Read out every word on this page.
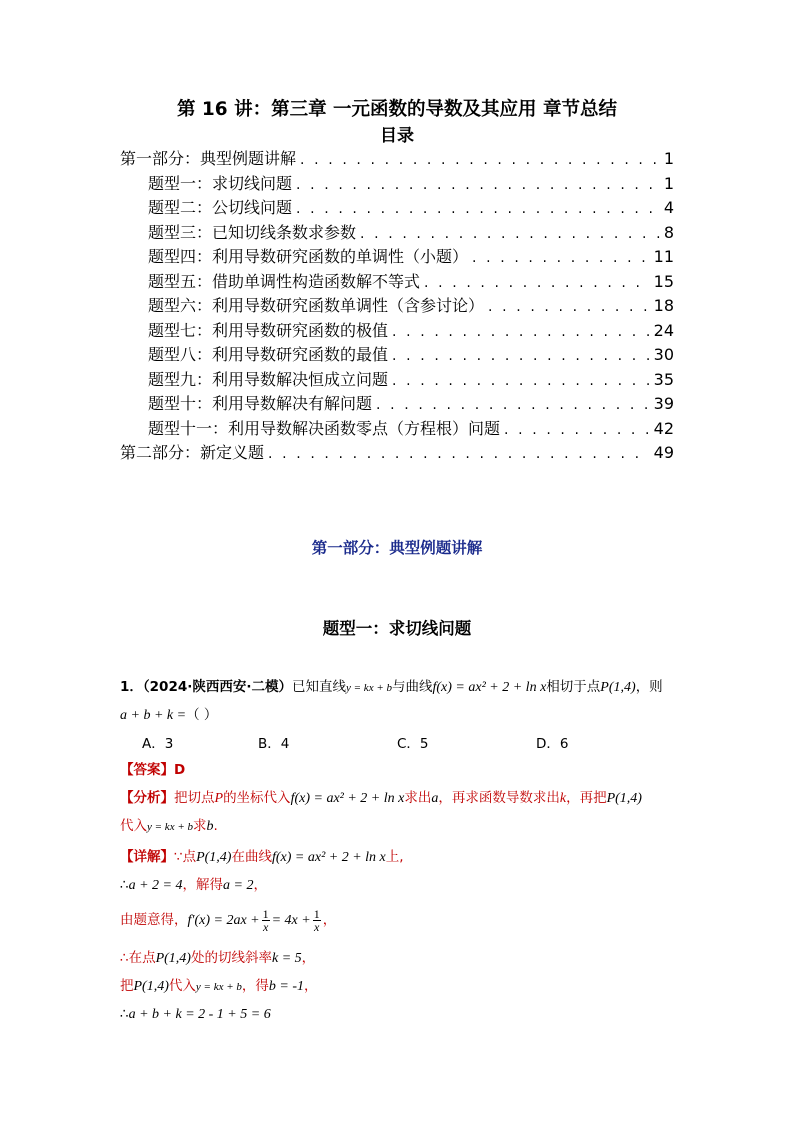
第 16 讲：第三章 一元函数的导数及其应用 章节总结
目录
第一部分：典型例题讲解 . . .	1
题型一：求切线问题 . . .	1
题型二：公切线问题 . . .	4
题型三：已知切线条数求参数 . . .	8
题型四：利用导数研究函数的单调性（小题） . . .	11
题型五：借助单调性构造函数解不等式 . . .	15
题型六：利用导数研究函数单调性（含参讨论） . . .	18
题型七：利用导数研究函数的极值 . . .	24
题型八：利用导数研究函数的最值 . . .	30
题型九：利用导数解决恒成立问题 . . .	35
题型十：利用导数解决有解问题 . . .	39
题型十一：利用导数解决函数零点（方程根）问题 . . .	42
第二部分：新定义题 . . .	49
第一部分：典型例题讲解
题型一：求切线问题
1．（2024·陕西西安·二模）已知直线y = kx + b与曲线f(x) = ax² + 2 + ln x相切于点P(1,4)，则
a + b + k =（ ）
A．3	B．4	C．5	D．6
【答案】D
【分析】把切点P的坐标代入f(x) = ax² + 2 + ln x求出a，再求函数导数求出k，再把P(1,4)
代入y = kx + b求b.
【详解】∵点P(1,4)在曲线f(x) = ax² + 2 + ln x上,
∴a + 2 = 4，解得a = 2，
由题意得，$f'(x) = 2ax + \frac{1}{x} = 4x + \frac{1}{x}$ ，
∴在点P(1,4)处的切线斜率k = 5，
把P(1,4)代入y = kx + b，得b = -1，
∴a + b + k = 2 - 1 + 5 = 6
